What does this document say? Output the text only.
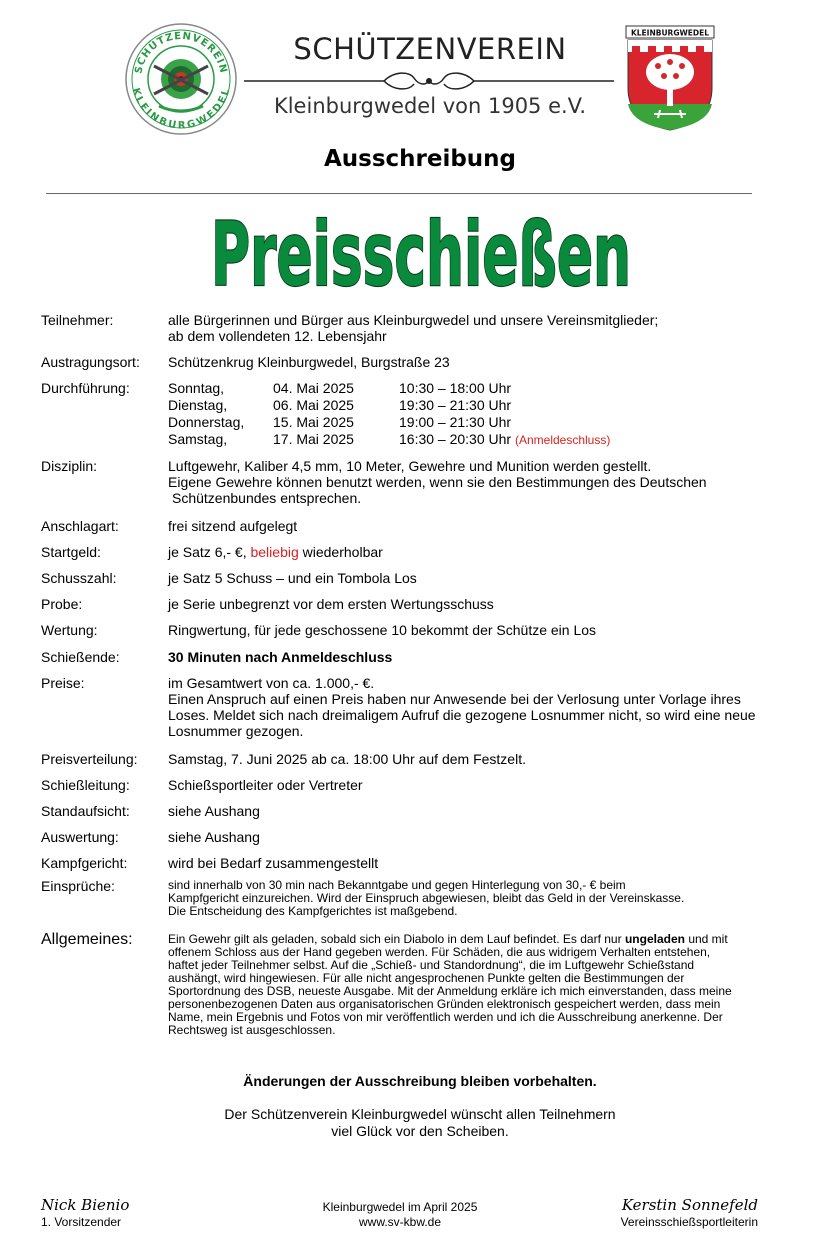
SCHÜTZENVEREIN
KLEINBURGWEDEL
SCHÜTZENVEREIN
Kleinburgwedel von 1905 e.V.
KLEINBURGWEDEL
Ausschreibung
Preisschießen
Teilnehmer:	alle Bürgerinnen und Bürger aus Kleinburgwedel und unsere Vereinsmitglieder;
ab dem vollendeten 12. Lebensjahr
Austragungsort: Schützenkrug Kleinburgwedel, Burgstraße 23
Durchführung:	Sonntag,	04. Mai 2025	10:30 – 18:00 Uhr
Dienstag,	06. Mai 2025	19:30 – 21:30 Uhr
Donnerstag, 15. Mai 2025	19:00 – 21:30 Uhr
Samstag,	17. Mai 2025	16:30 – 20:30 Uhr (Anmeldeschluss)
Disziplin:	Luftgewehr, Kaliber 4,5 mm, 10 Meter, Gewehre und Munition werden gestellt.
Eigene Gewehre können benutzt werden, wenn sie den Bestimmungen des Deutschen
Schützenbundes entsprechen.
Anschlagart:	frei sitzend aufgelegt
Startgeld:	je Satz 6,- €, beliebig wiederholbar
Schusszahl:	je Satz 5 Schuss – und ein Tombola Los
Probe:	je Serie unbegrenzt vor dem ersten Wertungsschuss
Wertung:	Ringwertung, für jede geschossene 10 bekommt der Schütze ein Los
Schießende:	30 Minuten nach Anmeldeschluss
Preise:	im Gesamtwert von ca. 1.000,- €.
Einen Anspruch auf einen Preis haben nur Anwesende bei der Verlosung unter Vorlage ihres
Loses. Meldet sich nach dreimaligem Aufruf die gezogene Losnummer nicht, so wird eine neue
Losnummer gezogen.
Preisverteilung: Samstag, 7. Juni 2025 ab ca. 18:00 Uhr auf dem Festzelt.
Schießleitung:	Schießsportleiter oder Vertreter
Standaufsicht:	siehe Aushang
Auswertung:	siehe Aushang
Kampfgericht:	wird bei Bedarf zusammengestellt
Einsprüche:	sind innerhalb von 30 min nach Bekanntgabe und gegen Hinterlegung von 30,- € beim
Kampfgericht einzureichen. Wird der Einspruch abgewiesen, bleibt das Geld in der Vereinskasse.
Die Entscheidung des Kampfgerichtes ist maßgebend.
Allgemeines:	Ein Gewehr gilt als geladen, sobald sich ein Diabolo in dem Lauf befindet. Es darf nur ungeladen und mit
offenem Schloss aus der Hand gegeben werden. Für Schäden, die aus widrigem Verhalten entstehen,
haftet jeder Teilnehmer selbst. Auf die „Schieß- und Standordnung“, die im Luftgewehr Schießstand
aushängt, wird hingewiesen. Für alle nicht angesprochenen Punkte gelten die Bestimmungen der
Sportordnung des DSB, neueste Ausgabe. Mit der Anmeldung erkläre ich mich einverstanden, dass meine
personenbezogenen Daten aus organisatorischen Gründen elektronisch gespeichert werden, dass mein
Name, mein Ergebnis und Fotos von mir veröffentlich werden und ich die Ausschreibung anerkenne. Der
Rechtsweg ist ausgeschlossen.
Änderungen der Ausschreibung bleiben vorbehalten.
Der Schützenverein Kleinburgwedel wünscht allen Teilnehmern
viel Glück vor den Scheiben.
Nick Bienio
1. Vorsitzender
Kleinburgwedel im April 2025
www.sv-kbw.de
Kerstin Sonnefeld
Vereinsschießsportleiterin
